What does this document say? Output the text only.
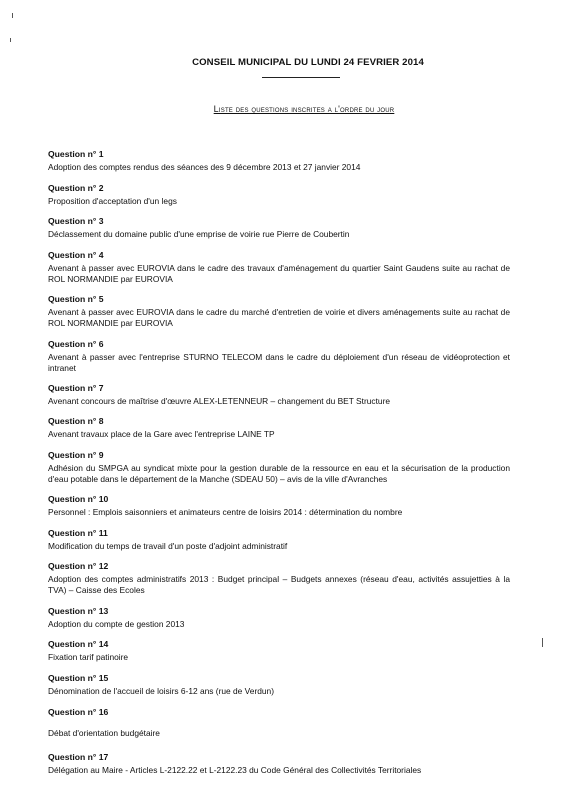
CONSEIL MUNICIPAL DU LUNDI 24 FEVRIER 2014
Liste des questions inscrites a l'ordre du jour
Question n° 1
Adoption des comptes rendus des séances des 9 décembre 2013 et 27 janvier 2014
Question n° 2
Proposition d'acceptation d'un legs
Question n° 3
Déclassement du domaine public d'une emprise de voirie rue Pierre de Coubertin
Question n° 4
Avenant à passer avec EUROVIA dans le cadre des travaux d'aménagement du quartier Saint Gaudens suite au rachat de ROL NORMANDIE par EUROVIA
Question n° 5
Avenant à passer avec EUROVIA dans le cadre du marché d'entretien de voirie et divers aménagements suite au rachat de ROL NORMANDIE par EUROVIA
Question n° 6
Avenant à passer avec l'entreprise STURNO TELECOM dans le cadre du déploiement d'un réseau de vidéoprotection et intranet
Question n° 7
Avenant concours de maîtrise d'œuvre ALEX-LETENNEUR – changement du BET Structure
Question n° 8
Avenant travaux place de la Gare avec l'entreprise LAINE TP
Question n° 9
Adhésion du SMPGA au syndicat mixte pour la gestion durable de la ressource en eau et la sécurisation de la production d'eau potable dans le département de la Manche (SDEAU 50) – avis de la ville d'Avranches
Question n° 10
Personnel : Emplois saisonniers et animateurs centre de loisirs 2014 : détermination du nombre
Question n° 11
Modification du temps de travail d'un poste d'adjoint administratif
Question n° 12
Adoption des comptes administratifs 2013 : Budget principal – Budgets annexes (réseau d'eau, activités assujetties à la TVA) – Caisse des Ecoles
Question n° 13
Adoption du compte de gestion 2013
Question n° 14
Fixation tarif patinoire
Question n° 15
Dénomination de l'accueil de loisirs 6-12 ans (rue de Verdun)
Question n° 16
Débat d'orientation budgétaire
Question n° 17
Délégation au Maire - Articles L-2122.22 et L-2122.23 du Code Général des Collectivités Territoriales
